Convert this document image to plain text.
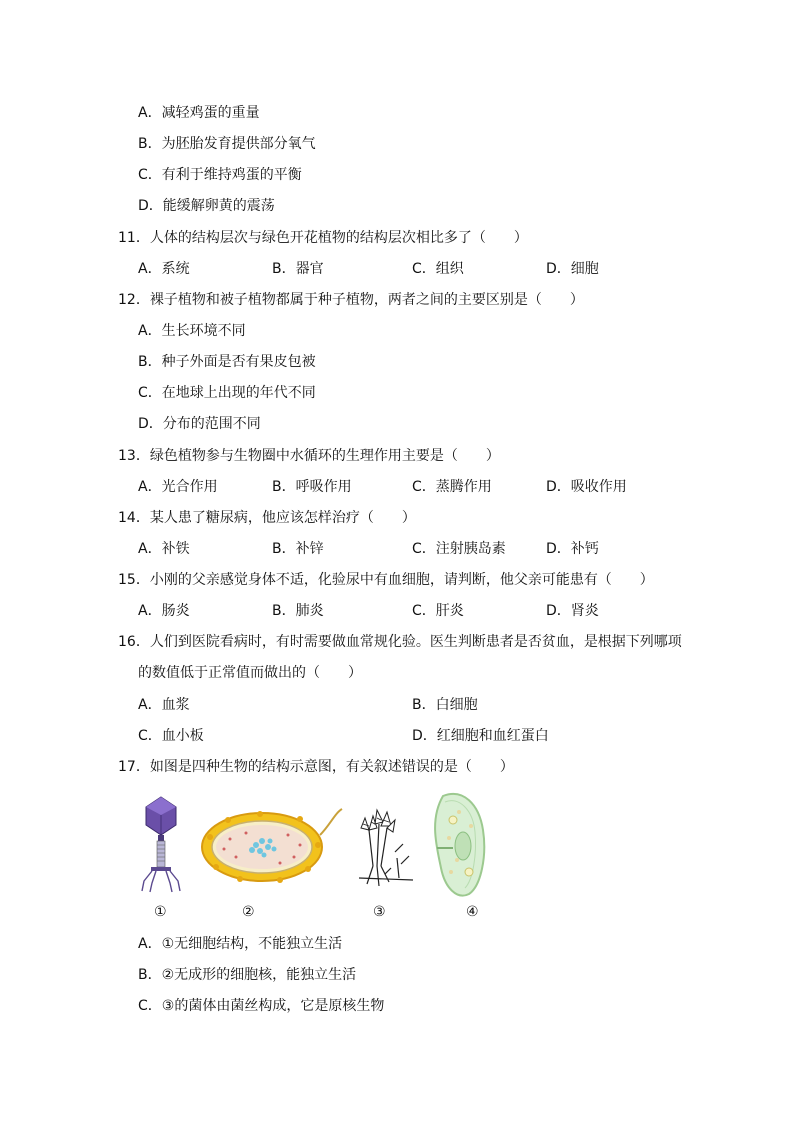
A．减轻鸡蛋的重量
B．为胚胎发育提供部分氧气
C．有利于维持鸡蛋的平衡
D．能缓解卵黄的震荡
11．人体的结构层次与绿色开花植物的结构层次相比多了（　　）
A．系统	B．器官	C．组织	D．细胞
12．裸子植物和被子植物都属于种子植物，两者之间的主要区别是（　　）
A．生长环境不同
B．种子外面是否有果皮包被
C．在地球上出现的年代不同
D．分布的范围不同
13．绿色植物参与生物圈中水循环的生理作用主要是（　　）
A．光合作用	B．呼吸作用	C．蒸腾作用	D．吸收作用
14．某人患了糖尿病，他应该怎样治疗（　　）
A．补铁	B．补锌	C．注射胰岛素	D．补钙
15．小刚的父亲感觉身体不适，化验尿中有血细胞，请判断，他父亲可能患有（　　）
A．肠炎	B．肺炎	C．肝炎	D．肾炎
16．人们到医院看病时，有时需要做血常规化验。医生判断患者是否贫血，是根据下列哪项
的数值低于正常值而做出的（　　）
A．血浆	B．白细胞
C．血小板	D．红细胞和血红蛋白
17．如图是四种生物的结构示意图，有关叙述错误的是（　　）
①	②	③	④
A．①无细胞结构，不能独立生活
B．②无成形的细胞核，能独立生活
C．③的菌体由菌丝构成，它是原核生物
